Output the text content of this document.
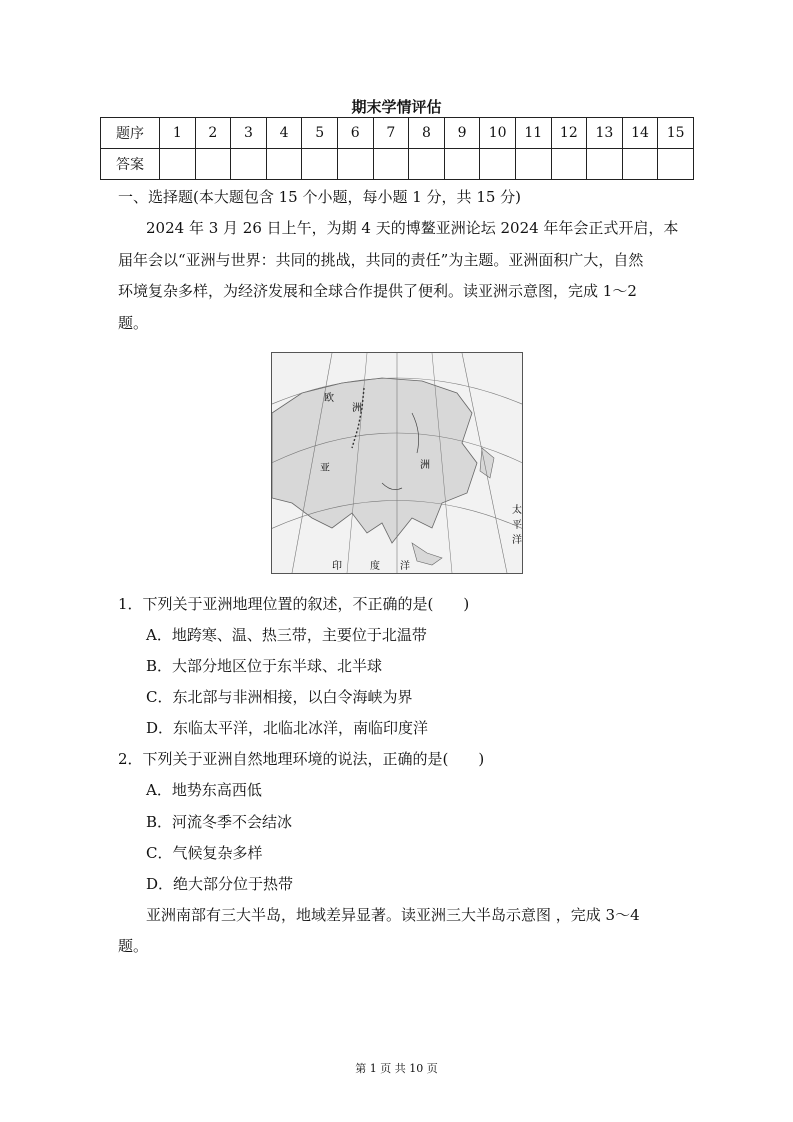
期末学情评估
题序	1	2	3	4	5	6	7	8	9	10	11	12	13	14	15
答案															
一、选择题(本大题包含 15 个小题，每小题 1 分，共 15 分)
2024 年 3 月 26 日上午，为期 4 天的博鳌亚洲论坛 2024 年年会正式开启，本
届年会以“亚洲与世界：共同的挑战，共同的责任”为主题。亚洲面积广大，自然
环境复杂多样，为经济发展和全球合作提供了便利。读亚洲示意图，完成 1～2
题。
欧
洲
亚	洲
太
平
洋
印	度 洋
1．下列关于亚洲地理位置的叙述，不正确的是(　　)
A．地跨寒、温、热三带，主要位于北温带
B．大部分地区位于东半球、北半球
C．东北部与非洲相接，以白令海峡为界
D．东临太平洋，北临北冰洋，南临印度洋
2．下列关于亚洲自然地理环境的说法，正确的是(　　)
A．地势东高西低
B．河流冬季不会结冰
C．气候复杂多样
D．绝大部分位于热带
亚洲南部有三大半岛，地域差异显著。读亚洲三大半岛示意图 ，完成 3～4
题。
第 1 页 共 10 页
